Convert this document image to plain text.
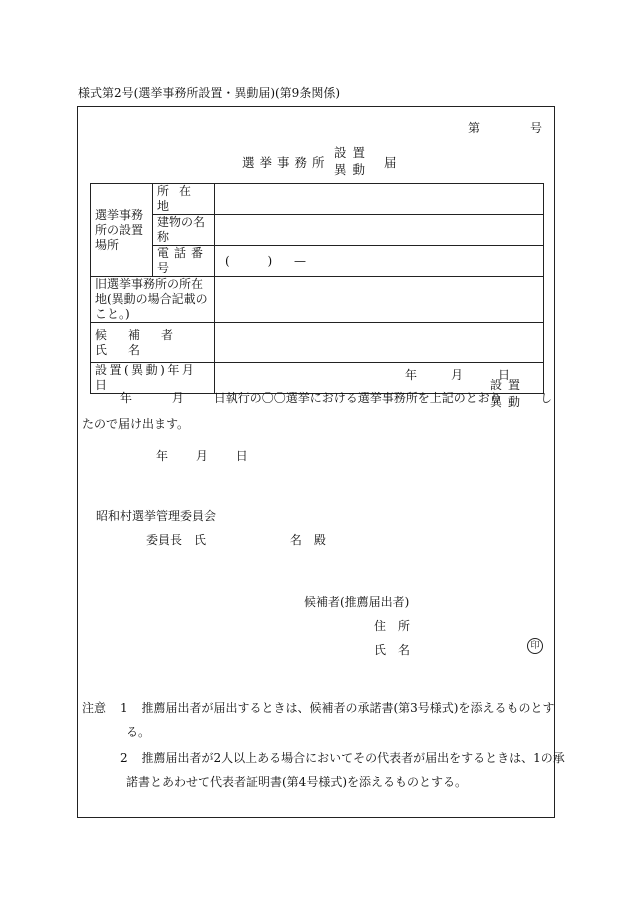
様式第2号(選挙事務所設置・異動届)(第9条関係)
第	号
選挙事務所
設置
異動 届
選挙事務所の設置場所	所在地	
	建物の名称	
	電話番号	( ) —

旧選挙事務所の所在地(異動の場合記載のこと。)		

候補者氏名		
設置(異動)年月日		年 月 日
年	月 日執行の〇〇選挙における選挙事務所を上記のとおり
設置
異動 し
たので届け出ます。
年 月 日
昭和村選挙管理委員会
委員長　氏	名　殿
候補者(推薦届出者)
住　所
氏　名	印
注意 1 推薦届出者が届出するときは、候補者の承諾書(第3号様式)を添えるものとす
る。
2 推薦届出者が2人以上ある場合においてその代表者が届出をするときは、1の承
諾書とあわせて代表者証明書(第4号様式)を添えるものとする。
